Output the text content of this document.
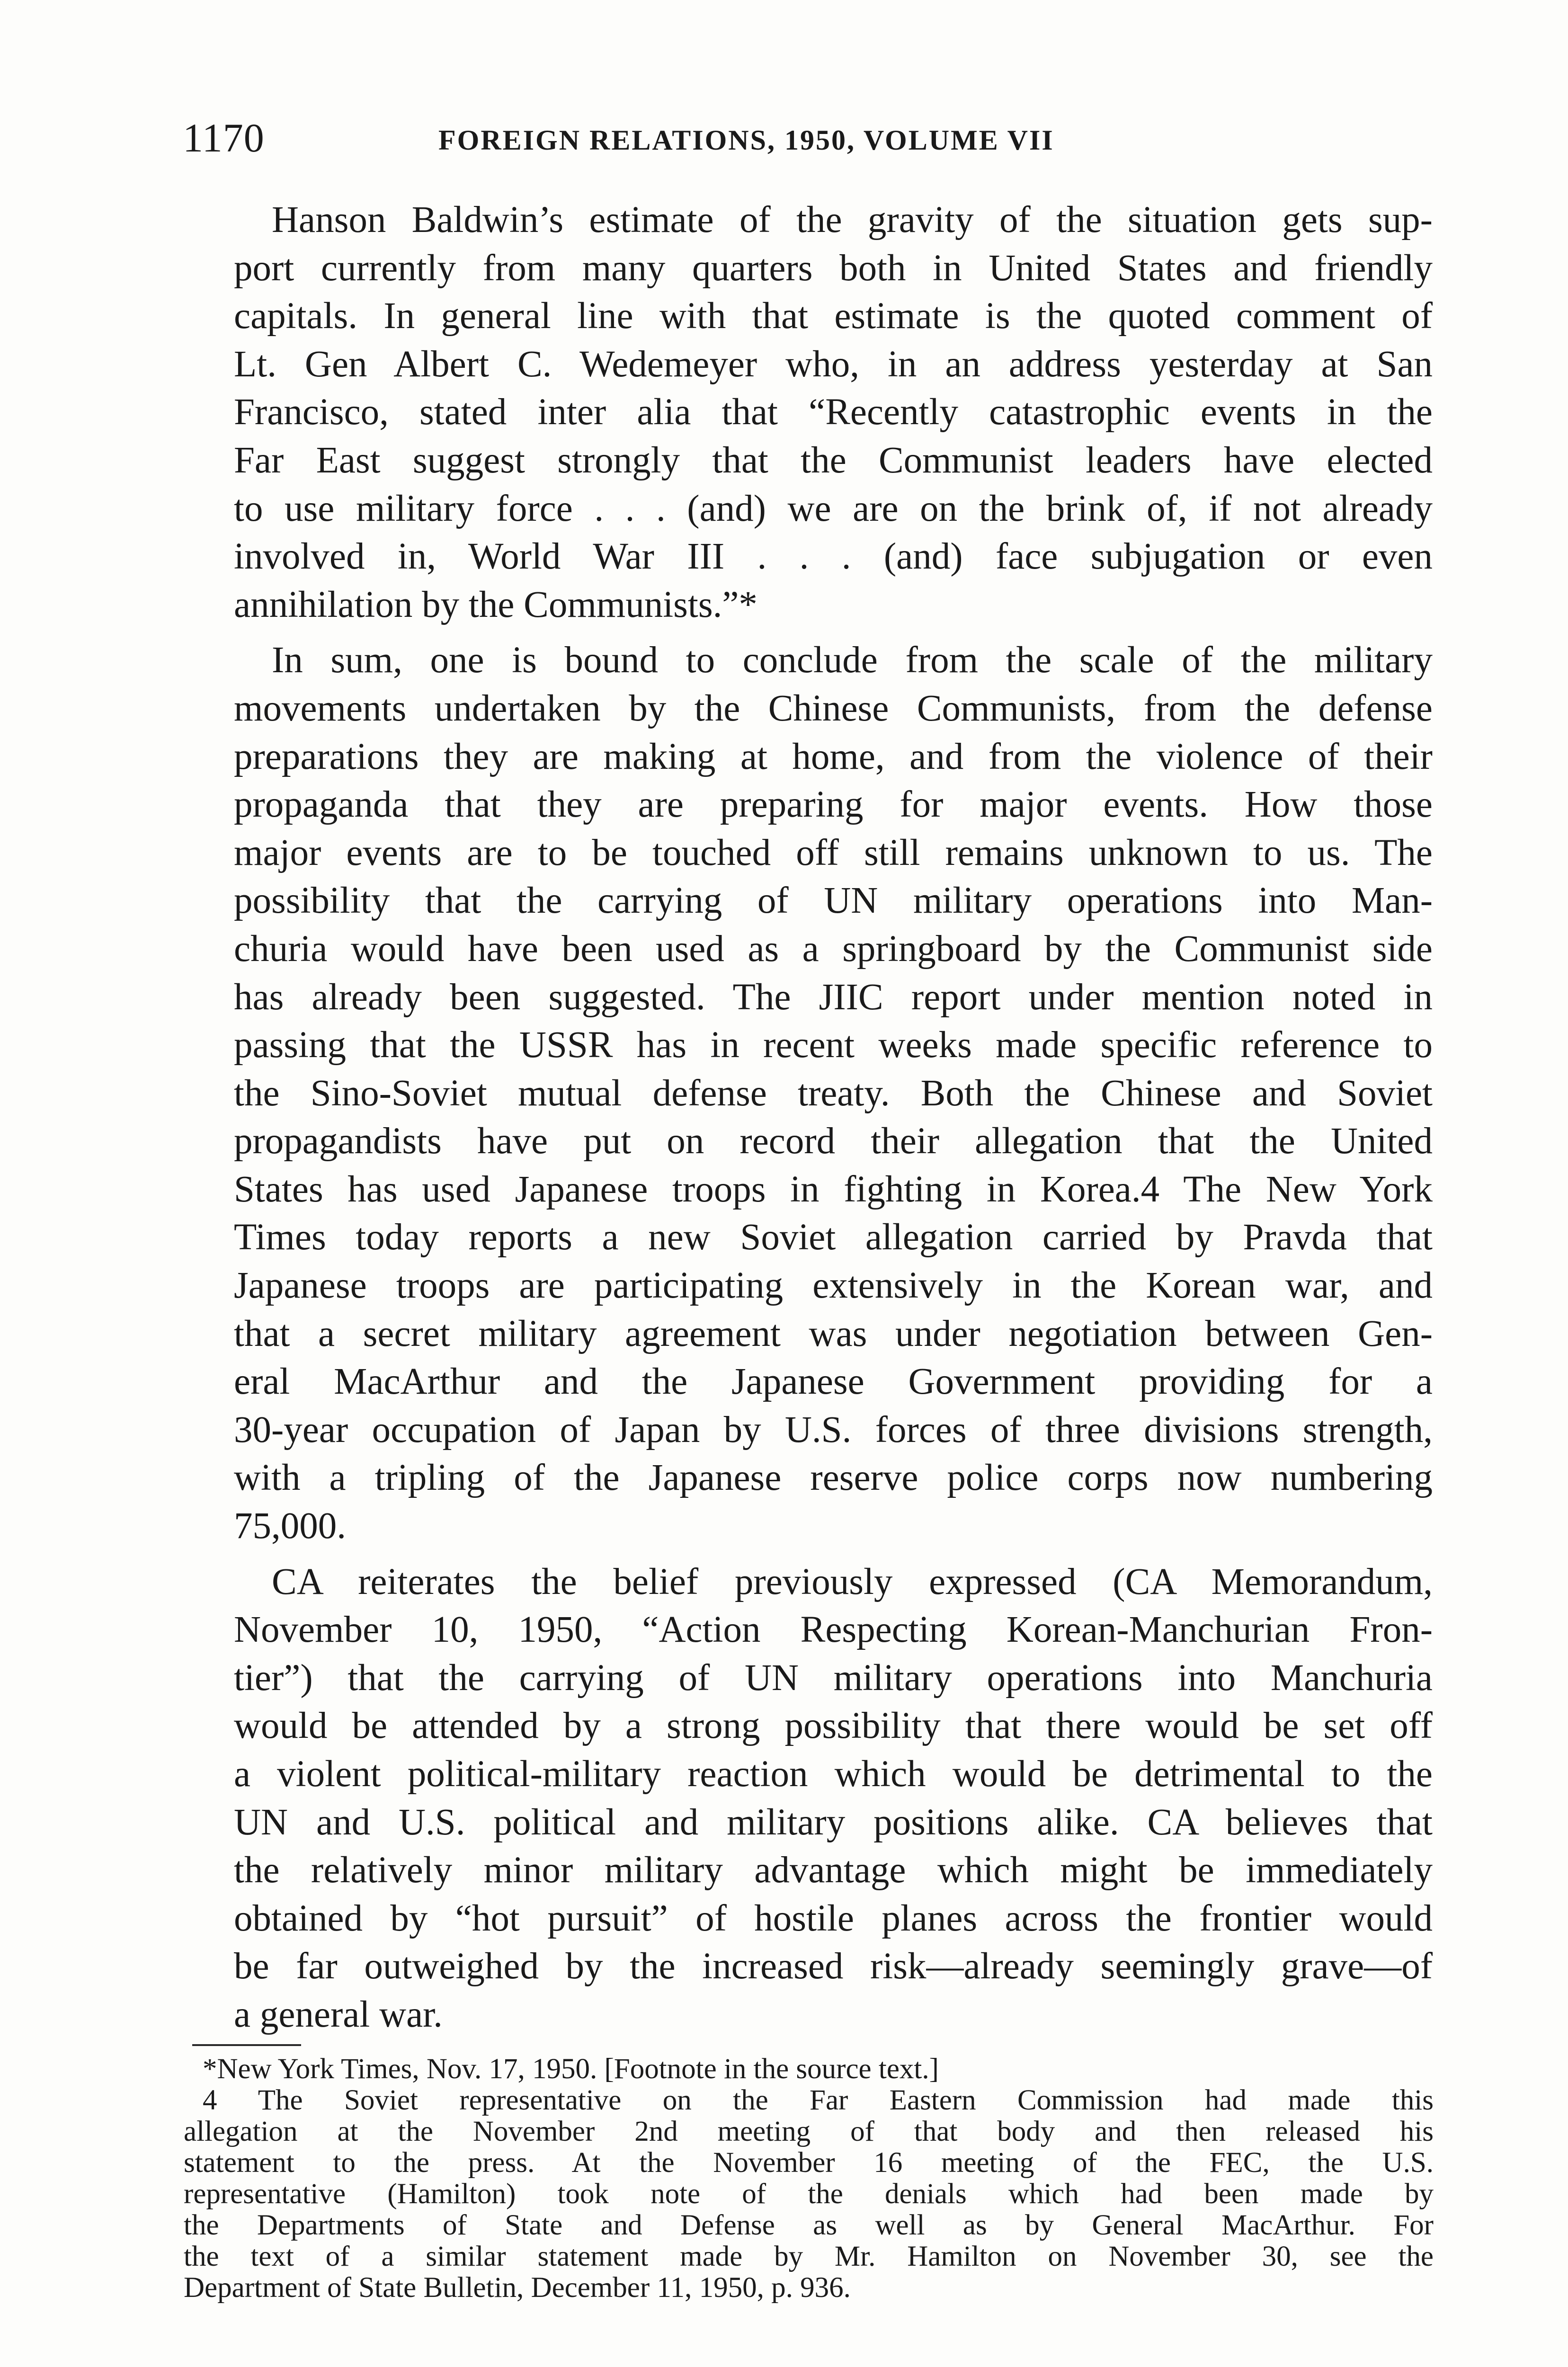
1170	FOREIGN RELATIONS, 1950, VOLUME VII

Hanson Baldwin’s estimate of the gravity of the situation gets sup-
port currently from many quarters both in United States and friendly
capitals. In general line with that estimate is the quoted comment of
Lt. Gen Albert C. Wedemeyer who, in an address yesterday at San
Francisco, stated inter alia that “Recently catastrophic events in the
Far East suggest strongly that the Communist leaders have elected
to use military force . . . (and) we are on the brink of, if not already
involved in, World War III . . . (and) face subjugation or even
annihilation by the Communists.”*

In sum, one is bound to conclude from the scale of the military
movements undertaken by the Chinese Communists, from the defense
preparations they are making at home, and from the violence of their
propaganda that they are preparing for major events. How those
major events are to be touched off still remains unknown to us. The
possibility that the carrying of UN military operations into Man-
churia would have been used as a springboard by the Communist side
has already been suggested. The JIIC report under mention noted in
passing that the USSR has in recent weeks made specific reference to
the Sino-Soviet mutual defense treaty. Both the Chinese and Soviet
propagandists have put on record their allegation that the United
States has used Japanese troops in fighting in Korea.4 The New York
Times today reports a new Soviet allegation carried by Pravda that
Japanese troops are participating extensively in the Korean war, and
that a secret military agreement was under negotiation between Gen-
eral MacArthur and the Japanese Government providing for a
30-year occupation of Japan by U.S. forces of three divisions strength,
with a tripling of the Japanese reserve police corps now numbering
75,000.

CA reiterates the belief previously expressed (CA Memorandum,
November 10, 1950, “Action Respecting Korean-Manchurian Fron-
tier”) that the carrying of UN military operations into Manchuria
would be attended by a strong possibility that there would be set off
a violent political-military reaction which would be detrimental to the
UN and U.S. political and military positions alike. CA believes that
the relatively minor military advantage which might be immediately
obtained by “hot pursuit” of hostile planes across the frontier would
be far outweighed by the increased risk—already seemingly grave—of
a general war.

*New York Times, Nov. 17, 1950. [Footnote in the source text.]

4 The Soviet representative on the Far Eastern Commission had made this
allegation at the November 2nd meeting of that body and then released his
statement to the press. At the November 16 meeting of the FEC, the U.S.
representative (Hamilton) took note of the denials which had been made by
the Departments of State and Defense as well as by General MacArthur. For
the text of a similar statement made by Mr. Hamilton on November 30, see the
Department of State Bulletin, December 11, 1950, p. 936.
